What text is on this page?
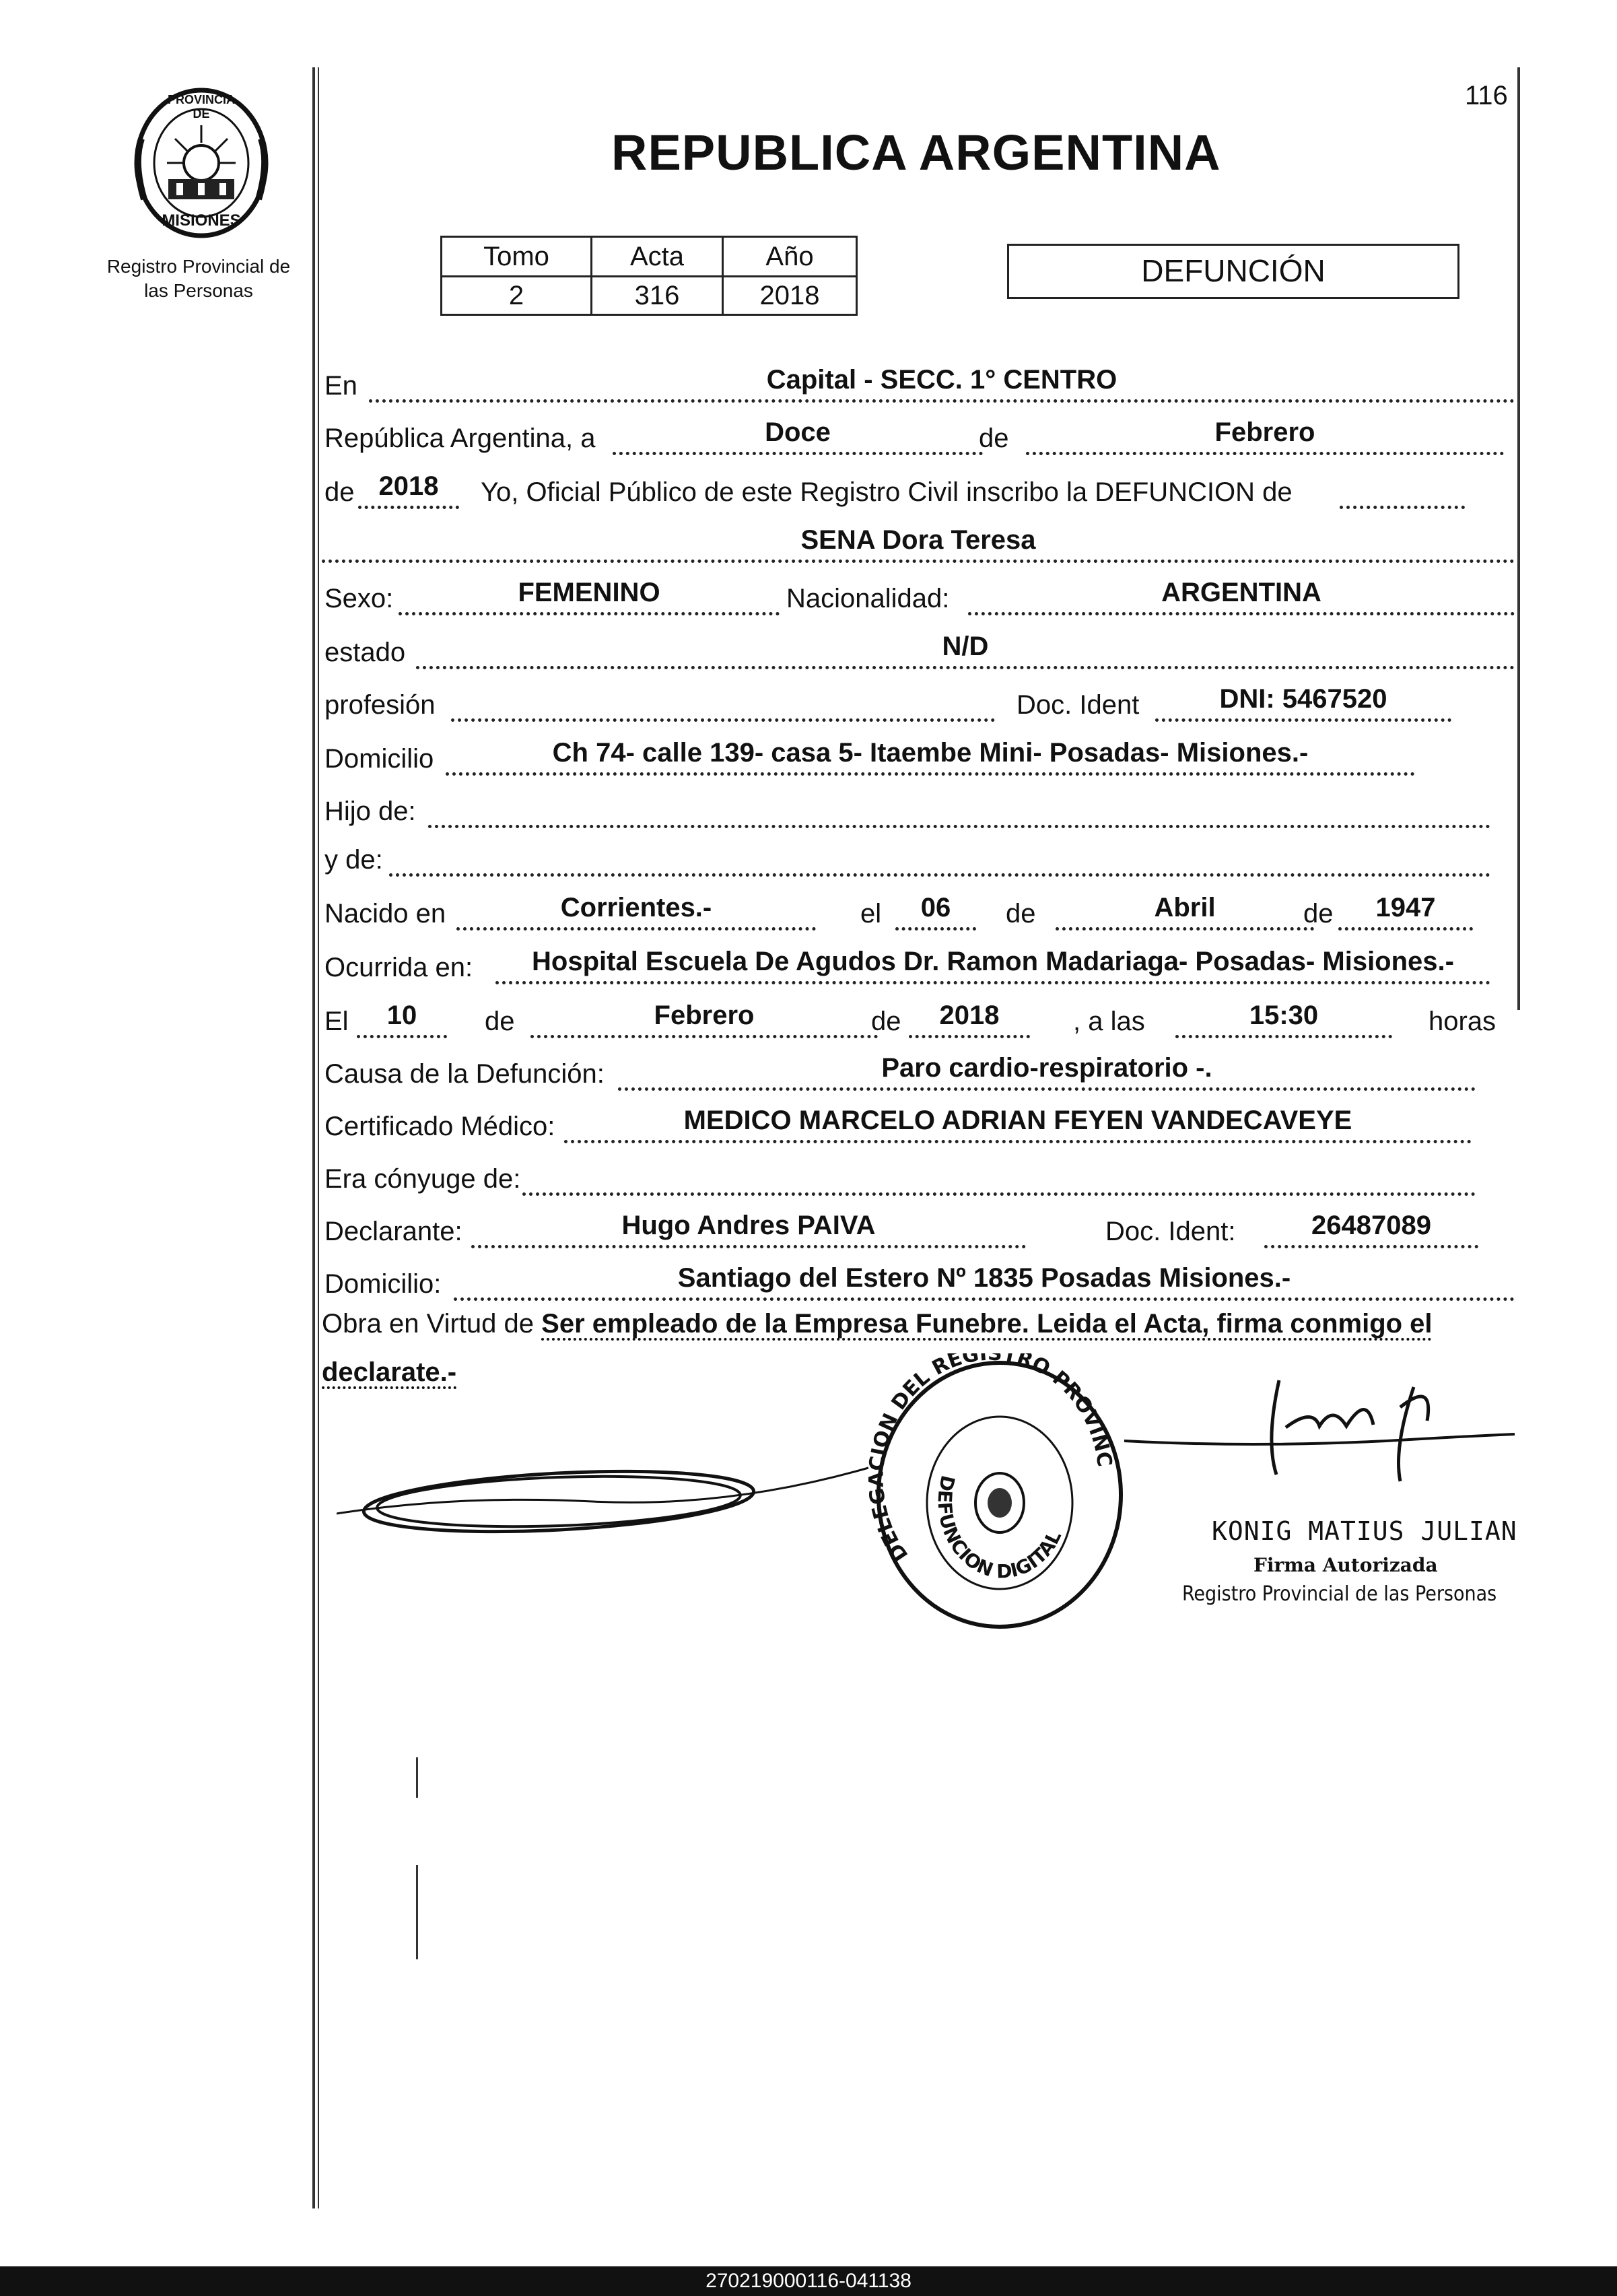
116
PROVINCIA DE
MISIONES
Registro Provincial de
las Personas
REPUBLICA ARGENTINA
Tomo	Acta	Año
2	316	2018
DEFUNCIÓN
En	Capital - SECC. 1° CENTRO
República Argentina, a	Doce	de	Febrero
de 2018	Yo, Oficial Público de este Registro Civil inscribo la DEFUNCION de
SENA Dora Teresa
Sexo:	FEMENINO	Nacionalidad:	ARGENTINA
estado	N/D
profesión	Doc. Ident	DNI: 5467520
Domicilio	Ch 74- calle 139- casa 5- Itaembe Mini- Posadas- Misiones.-
Hijo de:
y de:
Nacido en	Corrientes.-	el	06	de	Abril	de	1947
Ocurrida en:	Hospital Escuela De Agudos Dr. Ramon Madariaga- Posadas- Misiones.-
El	10	de	Febrero	de	2018	, a las	15:30	horas
Causa de la Defunción:	Paro cardio-respiratorio -.
Certificado Médico:	MEDICO MARCELO ADRIAN FEYEN VANDECAVEYE
Era cónyuge de:
Declarante:	Hugo Andres PAIVA	Doc. Ident:	26487089
Domicilio:	Santiago del Estero Nº 1835 Posadas Misiones.-
Obra en Virtud de Ser empleado de la Empresa Funebre. Leida el Acta, firma conmigo el declarate.-
DELE ION DEL REGISTRO PROVINC
DEFUNCION DIGITAL	KONIG MATIUS JULIAN
Firma Autorizada
Registro Provincial de las Personas
270219000116-041138
